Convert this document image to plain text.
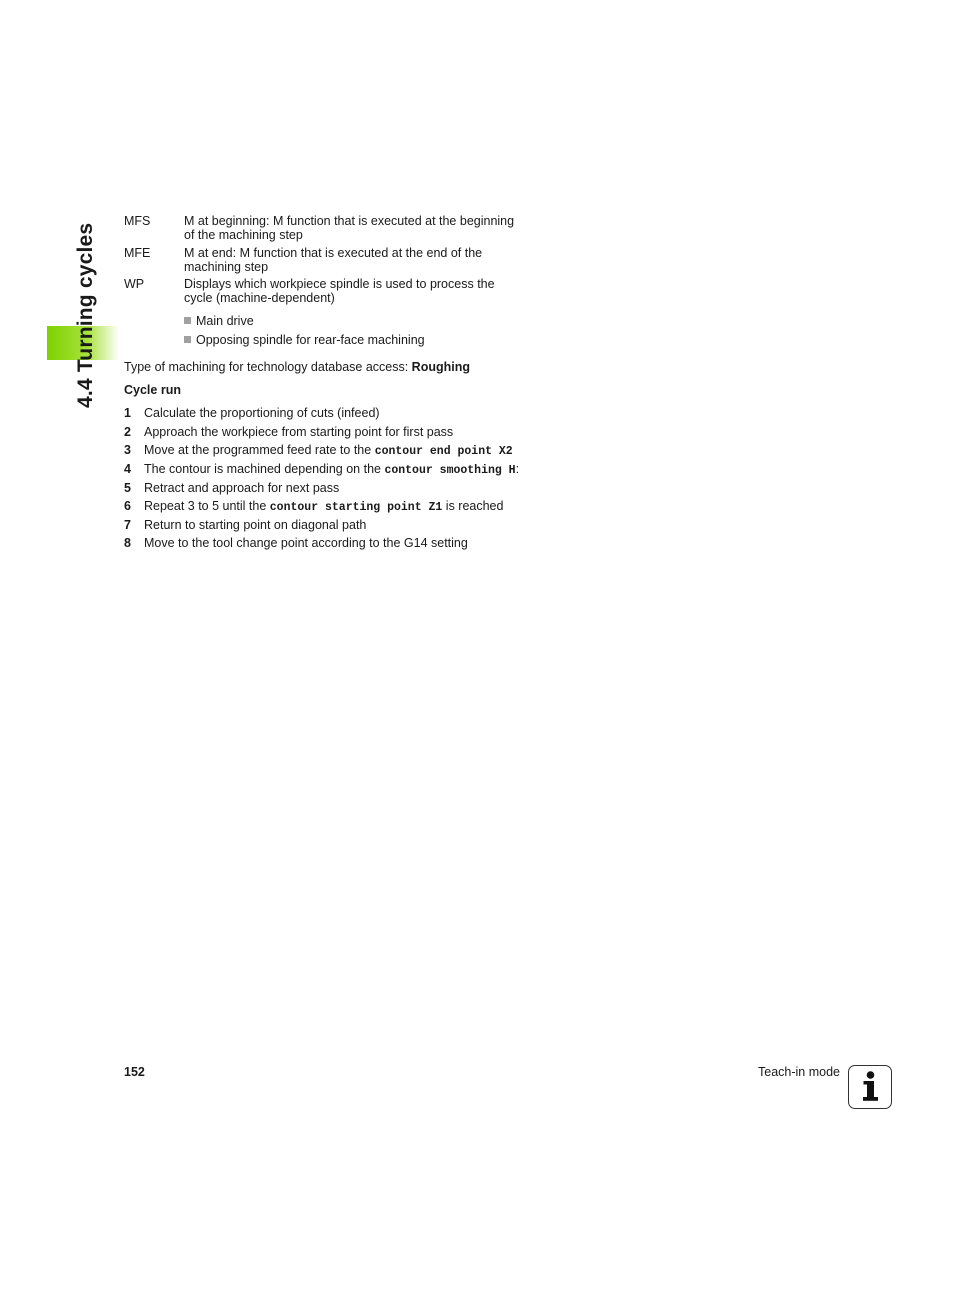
4.4 Turning cycles
MFS	M at beginning: M function that is executed at the beginning of the machining step
MFE	M at end: M function that is executed at the end of the machining step
WP	Displays which workpiece spindle is used to process the cycle (machine-dependent)
Main drive
Opposing spindle for rear-face machining
Type of machining for technology database access: Roughing
Cycle run
1 Calculate the proportioning of cuts (infeed)
2 Approach the workpiece from starting point for first pass
3 Move at the programmed feed rate to the contour end point X2
4 The contour is machined depending on the contour smoothing H:
5 Retract and approach for next pass
6 Repeat 3 to 5 until the contour starting point Z1 is reached
7 Return to starting point on diagonal path
8 Move to the tool change point according to the G14 setting
152	Teach-in mode
